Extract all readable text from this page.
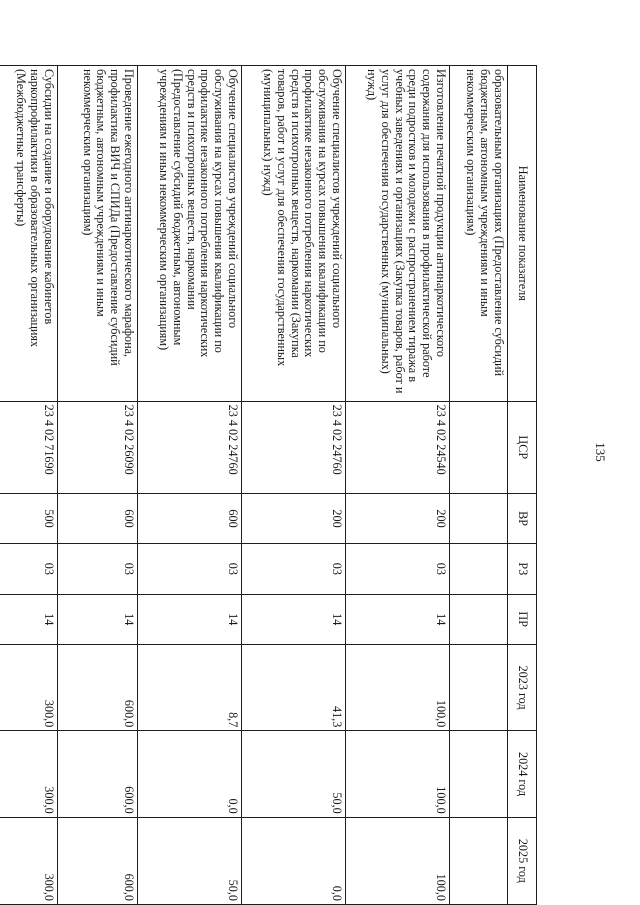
135
Наименование показателя	ЦСР	ВР	РЗ	ПР	2023 год	2024 год	2025 год
образовательным организациях (Предоставление субсидий бюджетным, автономным учреждениям и иным некоммерческим организациям)							
Изготовление печатной продукции антинаркотического содержания для использования в профилактической работе среди подростков и молодежи с распространением тиража в учебных заведениях и организациях (Закупка товаров, работ и услуг для обеспечения государственных (муниципальных) нужд)	23 4 02 24540	200	03	14	100,0	100,0	100,0
Обучение специалистов учреждений социального обслуживания на курсах повышения квалификации по профилактике незаконного потребления наркотических средств и психотропных веществ, наркомании (Закупка товаров, работ и услуг для обеспечения государственных (муниципальных) нужд)	23 4 02 24760	200	03	14	41,3	50,0	0,0
Обучение специалистов учреждений социального обслуживания на курсах повышения квалификации по профилактике незаконного потребления наркотических средств и психотропных веществ, наркомании (Предоставление субсидий бюджетным, автономным учреждениям и иным некоммерческим организациям)	23 4 02 24760	600	03	14	8,7	0,0	50,0
Проведение ежегодного антинаркотического марафона, профилактика ВИЧ и СПИДа (Предоставление субсидий бюджетным, автономным учреждениям и иным некоммерческим организациям)	23 4 02 26090	600	03	14	600,0	600,0	600,0
Субсидии на создание и оборудование кабинетов наркопрофилактики в образовательных организациях (Межбюджетные трансферты)	23 4 02 71690	500	03	14	300,0	300,0	300,0
